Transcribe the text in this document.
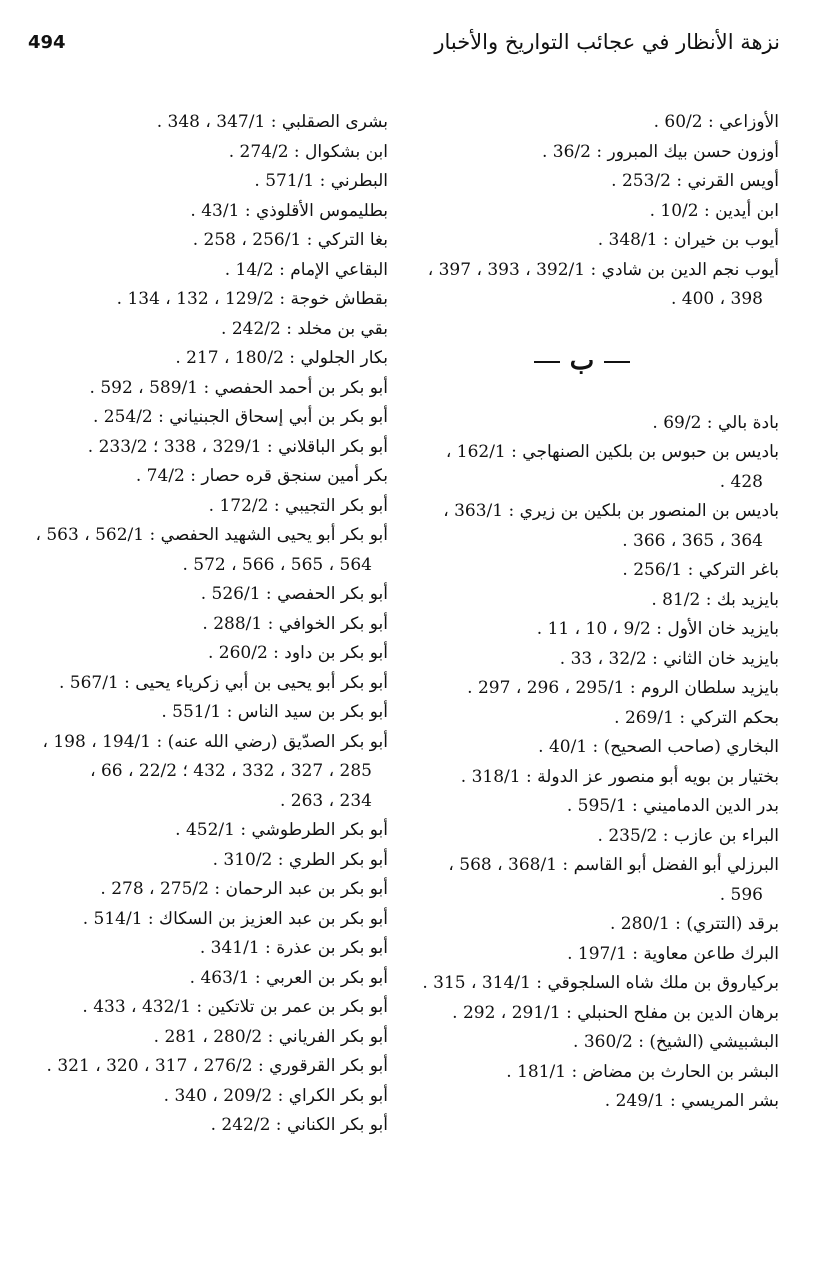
نزهة الأنظار في عجائب التواريخ والأخبار
494

الأوزاعي : 60/2 .

أوزون حسن بيك المبرور : 36/2 .

أويس القرني : 253/2 .

ابن أيدين : 10/2 .

أيوب بن خيران : 348/1 .

أيوب نجم الدين بن شادي : 392/1 ، 393 ، 397 ،
398 ، 400 .

ب

بادة بالي : 69/2 .

باديس بن حبوس بن بلكين الصنهاجي : 162/1 ،
428 .

باديس بن المنصور بن بلكين بن زيري : 363/1 ،
364 ، 365 ، 366 .

باغر التركي : 256/1 .

بايزيد بك : 81/2 .

بايزيد خان الأول : 9/2 ، 10 ، 11 .

بايزيد خان الثاني : 32/2 ، 33 .

بايزيد سلطان الروم : 295/1 ، 296 ، 297 .

بحكم التركي : 269/1 .

البخاري (صاحب الصحيح) : 40/1 .

بختيار بن بويه أبو منصور عز الدولة : 318/1 .

بدر الدين الدماميني : 595/1 .

البراء بن عازب : 235/2 .

البرزلي أبو الفضل أبو القاسم : 368/1 ، 568 ،
596 .

برقد (التتري) : 280/1 .

البرك طاعن معاوية : 197/1 .

بركياروق بن ملك شاه السلجوقي : 314/1 ، 315 .

برهان الدين بن مفلح الحنبلي : 291/1 ، 292 .

البشبيشي (الشيخ) : 360/2 .

البشر بن الحارث بن مضاض : 181/1 .

بشر المريسي : 249/1 .

بشرى الصقلبي : 347/1 ، 348 .

ابن بشكوال : 274/2 .

البطرني : 571/1 .

بطليموس الأقلوذي : 43/1 .

بغا التركي : 256/1 ، 258 .

البقاعي الإمام : 14/2 .

بقطاش خوجة : 129/2 ، 132 ، 134 .

بقي بن مخلد : 242/2 .

بكار الجلولي : 180/2 ، 217 .

أبو بكر بن أحمد الحفصي : 589/1 ، 592 .

أبو بكر بن أبي إسحاق الجبنياني : 254/2 .

أبو بكر الباقلاني : 329/1 ، 338 ؛ 233/2 .

بكر أمين سنجق قره حصار : 74/2 .

أبو بكر التجيبي : 172/2 .

أبو بكر أبو يحيى الشهيد الحفصي : 562/1 ، 563 ،
564 ، 565 ، 566 ، 572 .

أبو بكر الحفصي : 526/1 .

أبو بكر الخوافي : 288/1 .

أبو بكر بن داود : 260/2 .

أبو بكر أبو يحيى بن أبي زكرياء يحيى : 567/1 .

أبو بكر بن سيد الناس : 551/1 .

أبو بكر الصدّيق (رضي الله عنه) : 194/1 ، 198 ،
285 ، 327 ، 332 ، 432 ؛ 22/2 ، 66 ،
234 ، 263 .

أبو بكر الطرطوشي : 452/1 .

أبو بكر الطري : 310/2 .

أبو بكر بن عبد الرحمان : 275/2 ، 278 .

أبو بكر بن عبد العزيز بن السكاك : 514/1 .

أبو بكر بن عذرة : 341/1 .

أبو بكر بن العربي : 463/1 .

أبو بكر بن عمر بن تلاتكين : 432/1 ، 433 .

أبو بكر الفرياني : 280/2 ، 281 .

أبو بكر القرقوري : 276/2 ، 317 ، 320 ، 321 .

أبو بكر الكراي : 209/2 ، 340 .

أبو بكر الكناني : 242/2 .
